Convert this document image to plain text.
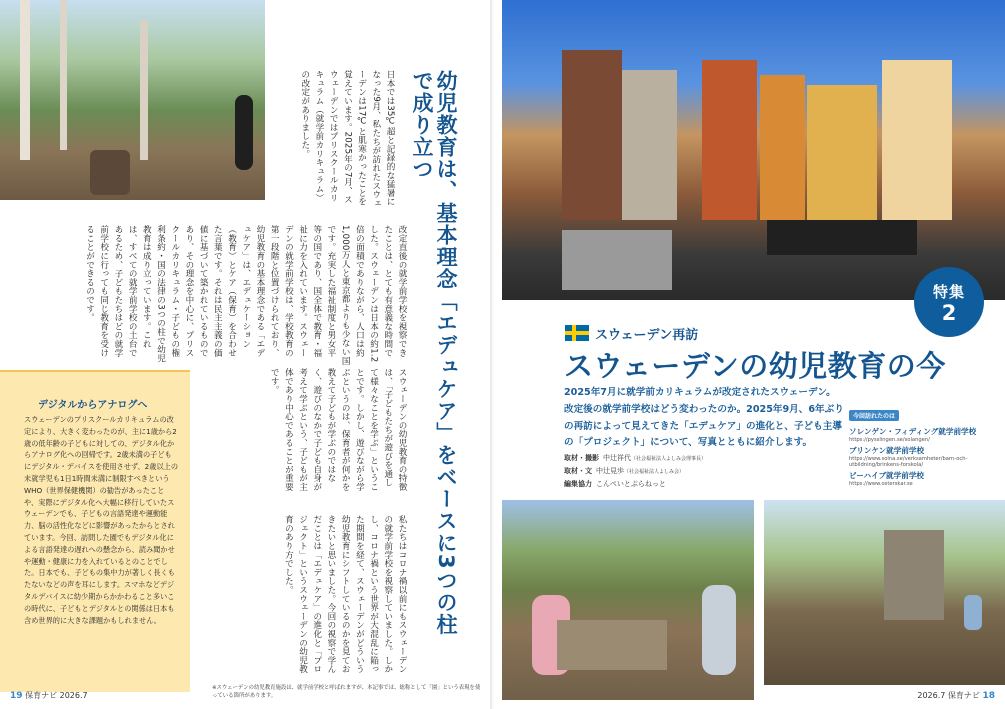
幼児教育は、基本理念「エデュケア」をベースに3つの柱で成り立つ
日本では35℃超と記録的な猛暑になった9月、私たちが訪れたスウェーデンは17℃と肌寒かったことを覚えています。2025年の7月、スウェーデンではプリスクールカリキュラム（就学前カリキュラム）の改定がありました。
改定直後の就学前学校を視察できたことは、とても有意義な時間でした。スウェーデンは日本の約1.2倍の面積でありながら、人口は約1,000万人と東京都よりも少ない国です。充実した福祉制度と男女平等の国であり、国全体で教育・福祉に力を入れています。スウェーデンの就学前学校は、学校教育の第一段階と位置づけられており、幼児教育の基本理念である「エデュケア」は、エデュケーション（教育）とケア（保育）を合わせた言葉です。それは民主主義の価値に基づいて築かれているものであり、その理念を中心に、プリスクールカリキュラム・子どもの権利条約・国の法律の3つの柱で幼児教育は成り立っています。これは、すべての就学前学校の土台であるため、子どもたちはどの就学前学校に行っても同じ教育を受けることができるのです。
スウェーデンの幼児教育の特徴は、「子どもたちが遊びを通して様々なことを学ぶ」ということです。しかし、遊びながら学ぶというのは、保育者が何かを教えて子どもが学ぶのではなく、遊びのなかで子ども自身が考えて学ぶという、子どもが主体であり中心であることが重要です。
私たちはコロナ禍以前にもスウェーデンの就学前学校を視察していました。しかし、コロナ禍という世界が大混乱に陥った期間を経て、スウェーデンがどういう幼児教育にシフトしているのかを見ておきたいと思いました。今回の視察で学んだことは「エデュケア」の進化と「プロジェクト」というスウェーデンの幼児教育のあり方でした。
デジタルからアナログへ

スウェーデンのプリスクールカリキュラムの改定により、大きく変わったのが、主に1歳から2歳の低年齢の子どもに対しての、デジタル化からアナログ化への回帰です。2歳未満の子どもにデジタル・デバイスを使用させず、2歳以上の未就学児も1日1時間未満に制限すべきというWHO（世界保健機関）の勧告があったことや、実際にデジタル化へ大幅に移行していたスウェーデンでも、子どもの言語発達や運動能力、脳の活性化などに影響があったからとされています。今回、訪問した園でもデジタル化による言語発達の遅れへの懸念から、読み聞かせや運動・健康に力を入れているとのことでした。日本でも、子どもの集中力が著しく長くもたないなどの声を耳にします。スマホなどデジタルデバイスに幼少期からかかわること多いこの時代に、子どもとデジタルとの関係は日本も含め世界的に大きな課題かもしれません。

※スウェーデンの幼児教育施設は、就学前学校と呼ばれますが、本記事では、総称として「園」という表現を使っている箇所があります。
19 保育ナビ 2026.7
特集
2
スウェーデン再訪
スウェーデンの幼児教育の今

2025年7月に就学前カリキュラムが改定されたスウェーデン。改定後の就学前学校はどう変わったのか。2025年9月、6年ぶりの再訪によって見えてきた「エデュケア」の進化と、子ども主導の「プロジェクト」について、写真とともに紹介します。

取材・撮影 中辻祥代（社会福祉法人よしみ会理事長）
取材・文 中辻見歩（社会福祉法人よしみ会）
編集協力 こんぺいとぷらねっと
今回訪れたのは
ソレンゲン・フィディング就学前学校
https://pysslingen.se/solangen/
ブリンケン就学前学校
https://www.solna.se/verksamheter/barn-och-utbildning/brinkens-forskola/
ビーハイブ就学前学校
https://www.osterskar.se
2026.7 保育ナビ 18
